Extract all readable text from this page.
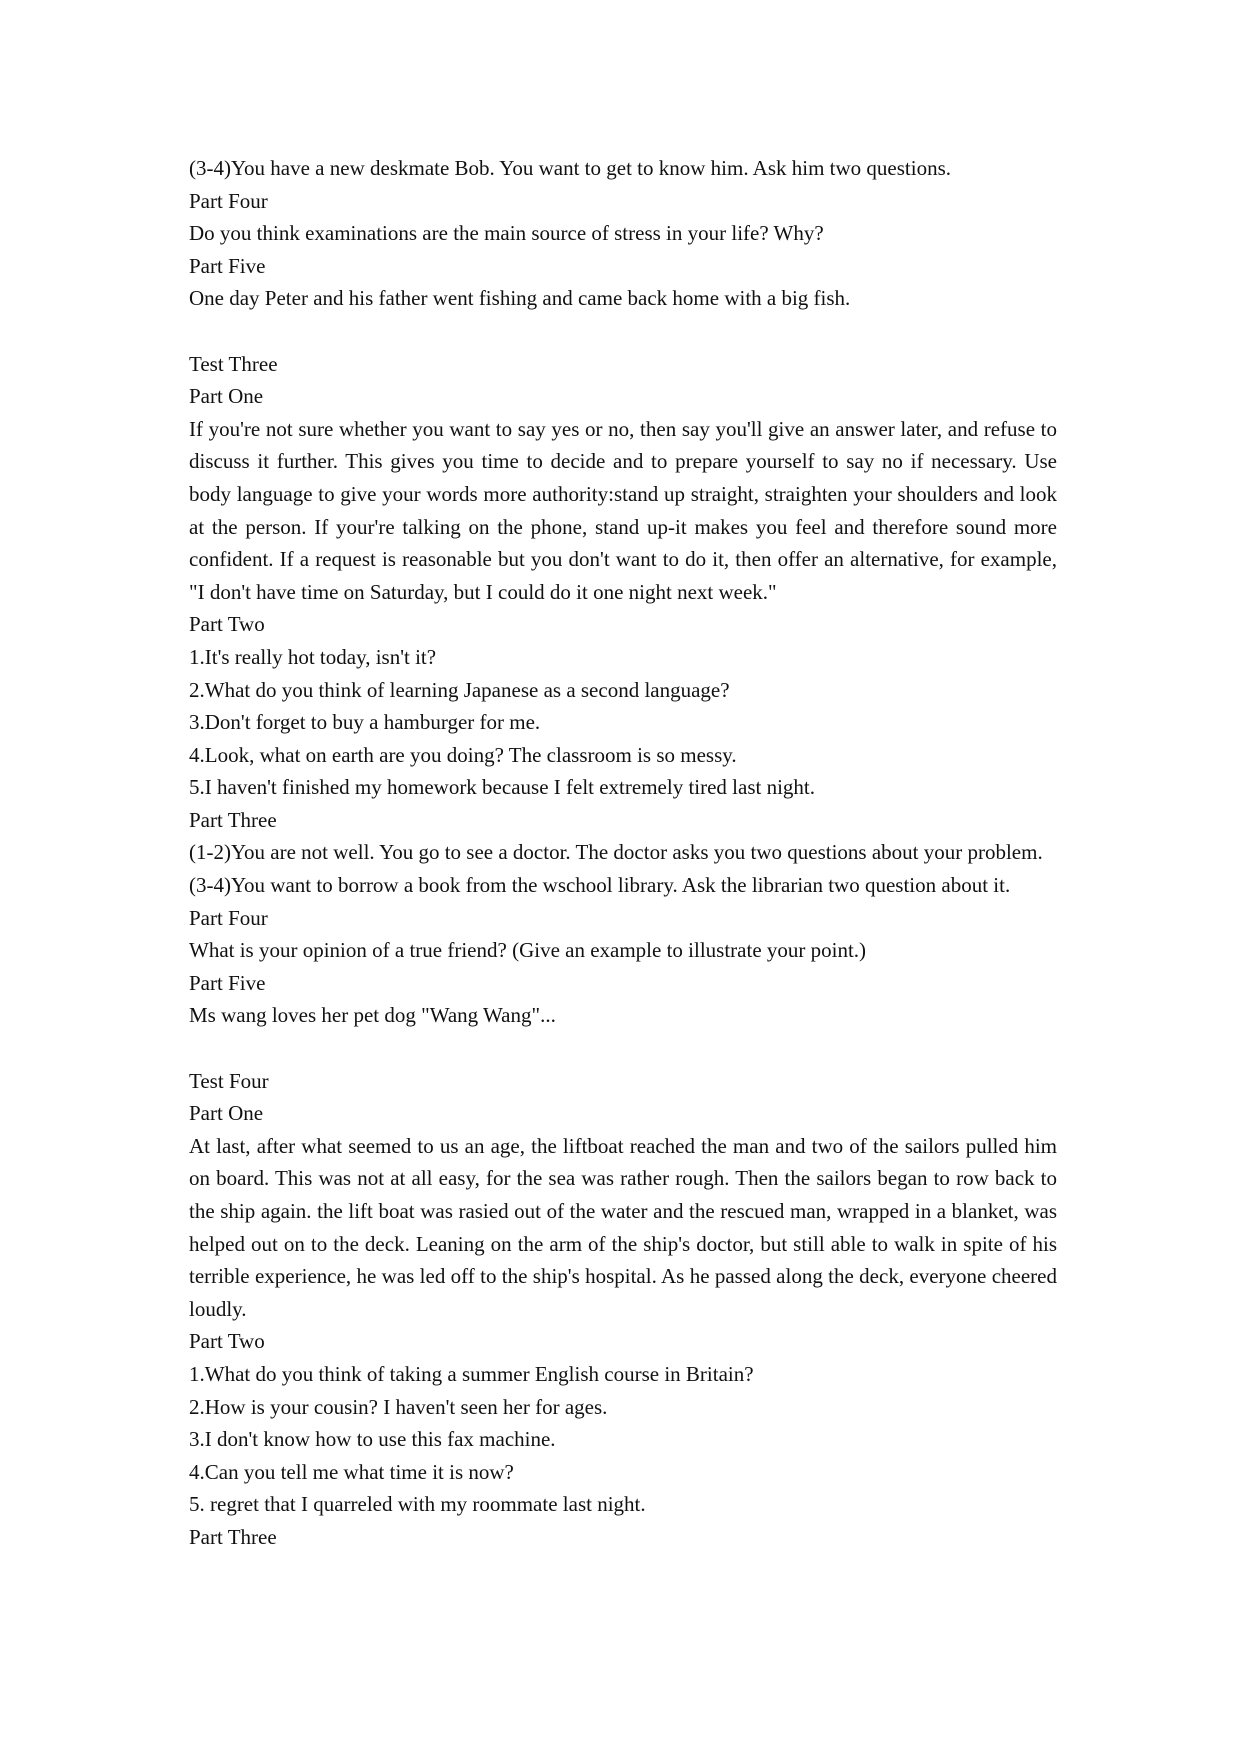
(3-4)You have a new deskmate Bob. You want to get to know him. Ask him two questions.

Part Four

Do you think examinations are the main source of stress in your life? Why?

Part Five

One day Peter and his father went fishing and came back home with a big fish.

Test Three

Part One

If you're not sure whether you want to say yes or no, then say you'll give an answer later, and refuse to discuss it further. This gives you time to decide and to prepare yourself to say no if necessary. Use body language to give your words more authority:stand up straight, straighten your shoulders and look at the person. If your're talking on the phone, stand up-it makes you feel and therefore sound more confident. If a request is reasonable but you don't want to do it, then offer an alternative, for example, "I don't have time on Saturday, but I could do it one night next week."

Part Two

1.It's really hot today, isn't it?

2.What do you think of learning Japanese as a second language?

3.Don't forget to buy a hamburger for me.

4.Look, what on earth are you doing? The classroom is so messy.

5.I haven't finished my homework because I felt extremely tired last night.

Part Three

(1-2)You are not well. You go to see a doctor. The doctor asks you two questions about your problem.

(3-4)You want to borrow a book from the wschool library. Ask the librarian two question about it.

Part Four

What is your opinion of a true friend? (Give an example to illustrate your point.)

Part Five

Ms wang loves her pet dog "Wang Wang"...

Test Four

Part One

At last, after what seemed to us an age, the liftboat reached the man and two of the sailors pulled him on board. This was not at all easy, for the sea was rather rough. Then the sailors began to row back to the ship again. the lift boat was rasied out of the water and the rescued man, wrapped in a blanket, was helped out on to the deck. Leaning on the arm of the ship's doctor, but still able to walk in spite of his terrible experience, he was led off to the ship's hospital. As he passed along the deck, everyone cheered loudly.

Part Two

1.What do you think of taking a summer English course in Britain?

2.How is your cousin? I haven't seen her for ages.

3.I don't know how to use this fax machine.

4.Can you tell me what time it is now?

5. regret that I quarreled with my roommate last night.

Part Three
